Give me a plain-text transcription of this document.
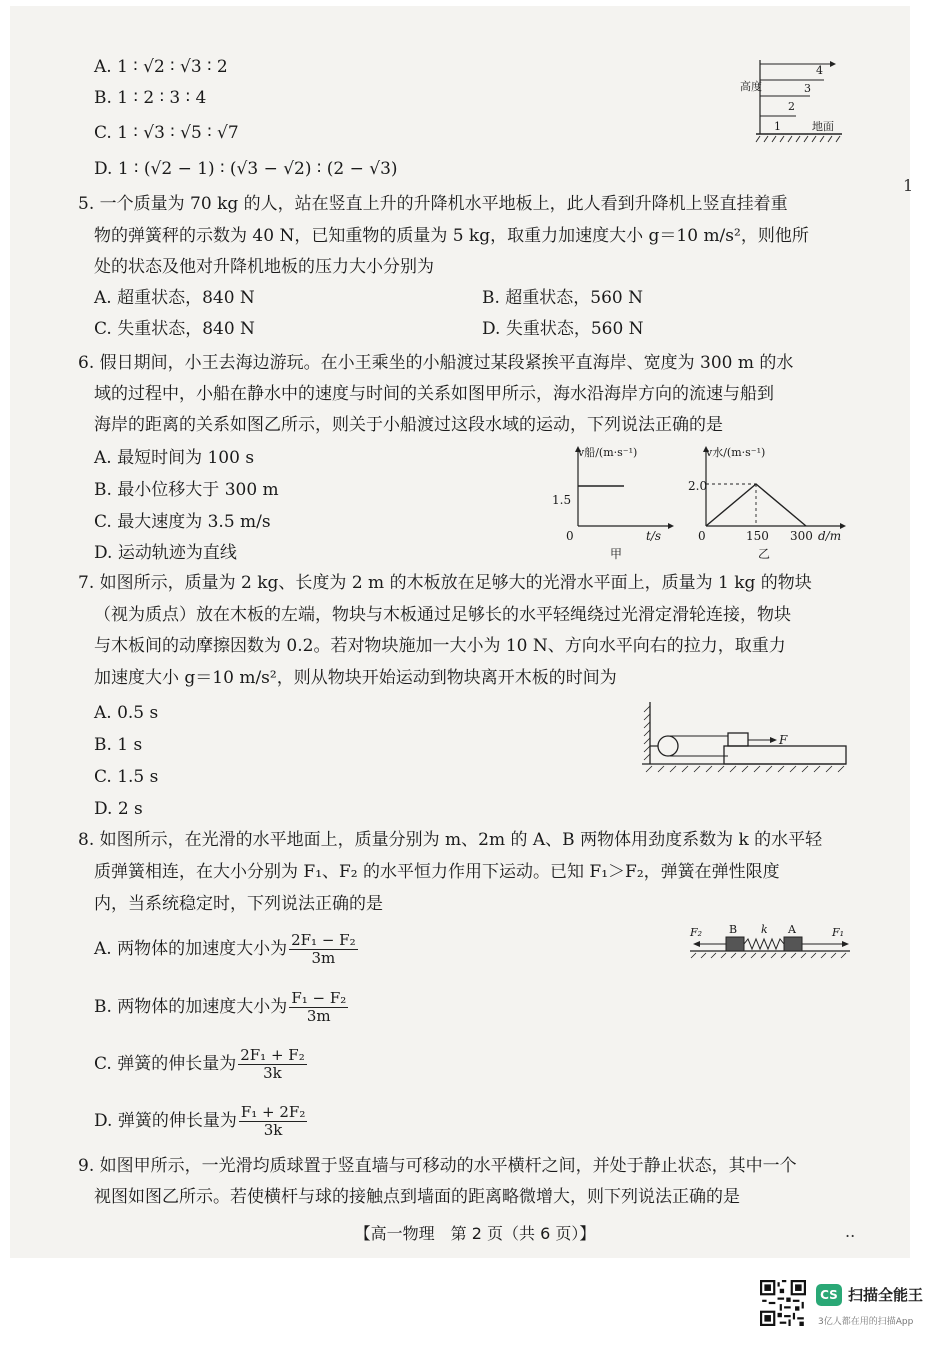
A. 1 ∶ √2 ∶ √3 ∶ 2
B. 1 ∶ 2 ∶ 3 ∶ 4
C. 1 ∶ √3 ∶ √5 ∶ √7
D. 1 ∶ (√2 − 1) ∶ (√3 − √2) ∶ (2 − √3)
高度
地面
1
2
3
4
1
5. 一个质量为 70 kg 的人，站在竖直上升的升降机水平地板上，此人看到升降机上竖直挂着重
物的弹簧秤的示数为 40 N，已知重物的质量为 5 kg，取重力加速度大小 g＝10 m/s²，则他所
处的状态及他对升降机地板的压力大小分别为
A. 超重状态，840 N	B. 超重状态，560 N
C. 失重状态，840 N	D. 失重状态，560 N
6. 假日期间，小王去海边游玩。在小王乘坐的小船渡过某段紧挨平直海岸、宽度为 300 m 的水
域的过程中，小船在静水中的速度与时间的关系如图甲所示，海水沿海岸方向的流速与船到
海岸的距离的关系如图乙所示，则关于小船渡过这段水域的运动，下列说法正确的是
A. 最短时间为 100 s
B. 最小位移大于 300 m
C. 最大速度为 3.5 m/s
D. 运动轨迹为直线
v船/(m·s⁻¹)
1.5
0	t/s
甲
v水/(m·s⁻¹)
2.0
0	150 300 d/m
乙
7. 如图所示，质量为 2 kg、长度为 2 m 的木板放在足够大的光滑水平面上，质量为 1 kg 的物块
（视为质点）放在木板的左端，物块与木板通过足够长的水平轻绳绕过光滑定滑轮连接，物块
与木板间的动摩擦因数为 0.2。若对物块施加一大小为 10 N、方向水平向右的拉力，取重力
加速度大小 g＝10 m/s²，则从物块开始运动到物块离开木板的时间为
A. 0.5 s
B. 1 s
C. 1.5 s
D. 2 s
F
8. 如图所示，在光滑的水平地面上，质量分别为 m、2m 的 A、B 两物体用劲度系数为 k 的水平轻
质弹簧相连，在大小分别为 F₁、F₂ 的水平恒力作用下运动。已知 F₁＞F₂，弹簧在弹性限度
内，当系统稳定时，下列说法正确的是
A. 两物体的加速度大小为 $\frac{\text{2F₁ − F₂}}{3m}$
B. 两物体的加速度大小为 $\frac{\text{F₁ − F₂}}{3m}$
C. 弹簧的伸长量为 $\frac{\text{2F₁ + F₂}}{3k}$
D. 弹簧的伸长量为 $\frac{\text{F₁ + 2F₂}}{3k}$
F₂ B k A	F₁
9. 如图甲所示，一光滑均质球置于竖直墙与可移动的水平横杆之间，并处于静止状态，其中一个
视图如图乙所示。若使横杆与球的接触点到墙面的距离略微增大，则下列说法正确的是
【高一物理　第 2 页（共 6 页）】	..
CS 扫描全能王
3亿人都在用的扫描App
